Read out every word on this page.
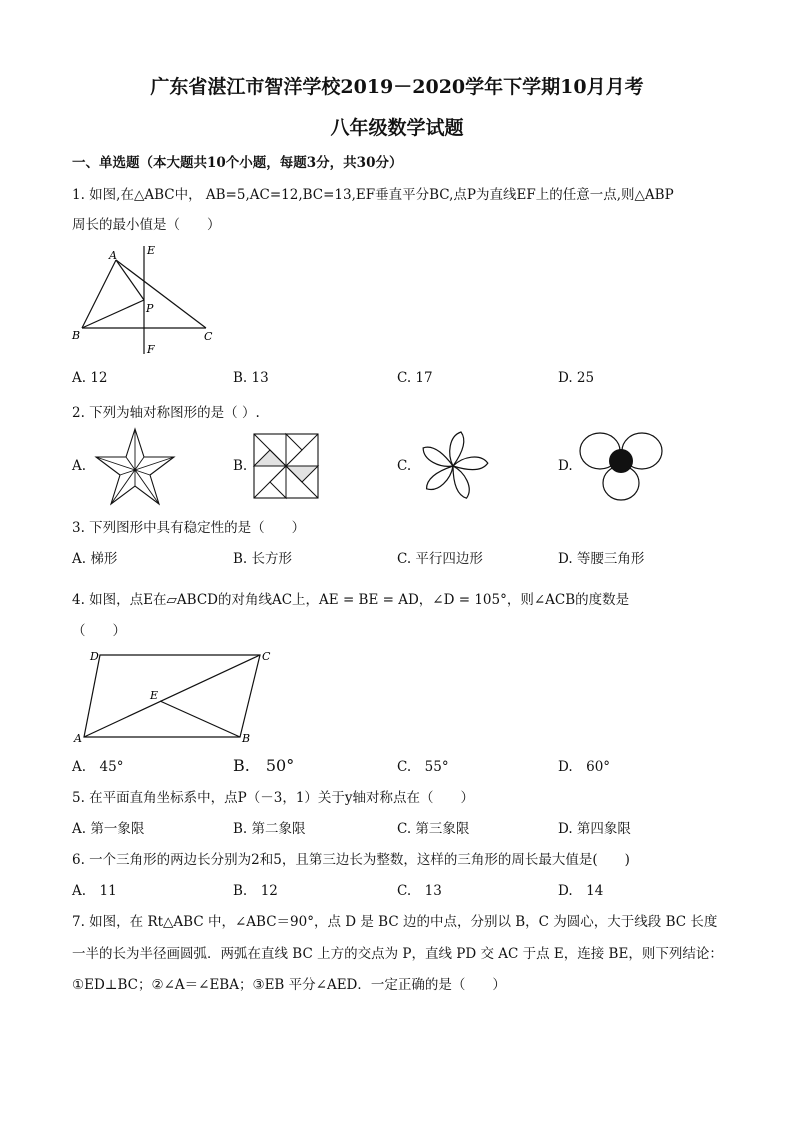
广东省湛江市智洋学校2019－2020学年下学期10月月考
八年级数学试题
一、单选题（本大题共10个小题，每题3分，共30分）
1. 如图,在△ABC中， AB=5,AC=12,BC=13,EF垂直平分BC,点P为直线EF上的任意一点,则△ABP
周长的最小值是（　　）
A
B	C
E
F
P
A. 12	B. 13	C. 17	D. 25
2. 下列为轴对称图形的是（ ）.
A.	B.	C.	D.
3. 下列图形中具有稳定性的是（　　）
A. 梯形	B. 长方形	C. 平行四边形	D. 等腰三角形
4. 如图，点E在▱ABCD的对角线AC上，AE = BE = AD，∠D = 105°，则∠ACB的度数是
（　　）
D	C
A	B
E
A.　45°	B.　50°	C.　55°	D.　60°
5. 在平面直角坐标系中，点P（－3，1）关于y轴对称点在（　　）
A. 第一象限	B. 第二象限	C. 第三象限	D. 第四象限
6. 一个三角形的两边长分别为2和5，且第三边长为整数，这样的三角形的周长最大值是(　　)
A.　11	B.　12	C.　13	D.　14
7. 如图，在 Rt△ABC 中，∠ABC＝90°，点 D 是 BC 边的中点，分别以 B，C 为圆心，大于线段 BC 长度
一半的长为半径画圆弧．两弧在直线 BC 上方的交点为 P，直线 PD 交 AC 于点 E，连接 BE，则下列结论：
①ED⊥BC；②∠A＝∠EBA；③EB 平分∠AED．一定正确的是（　　）
